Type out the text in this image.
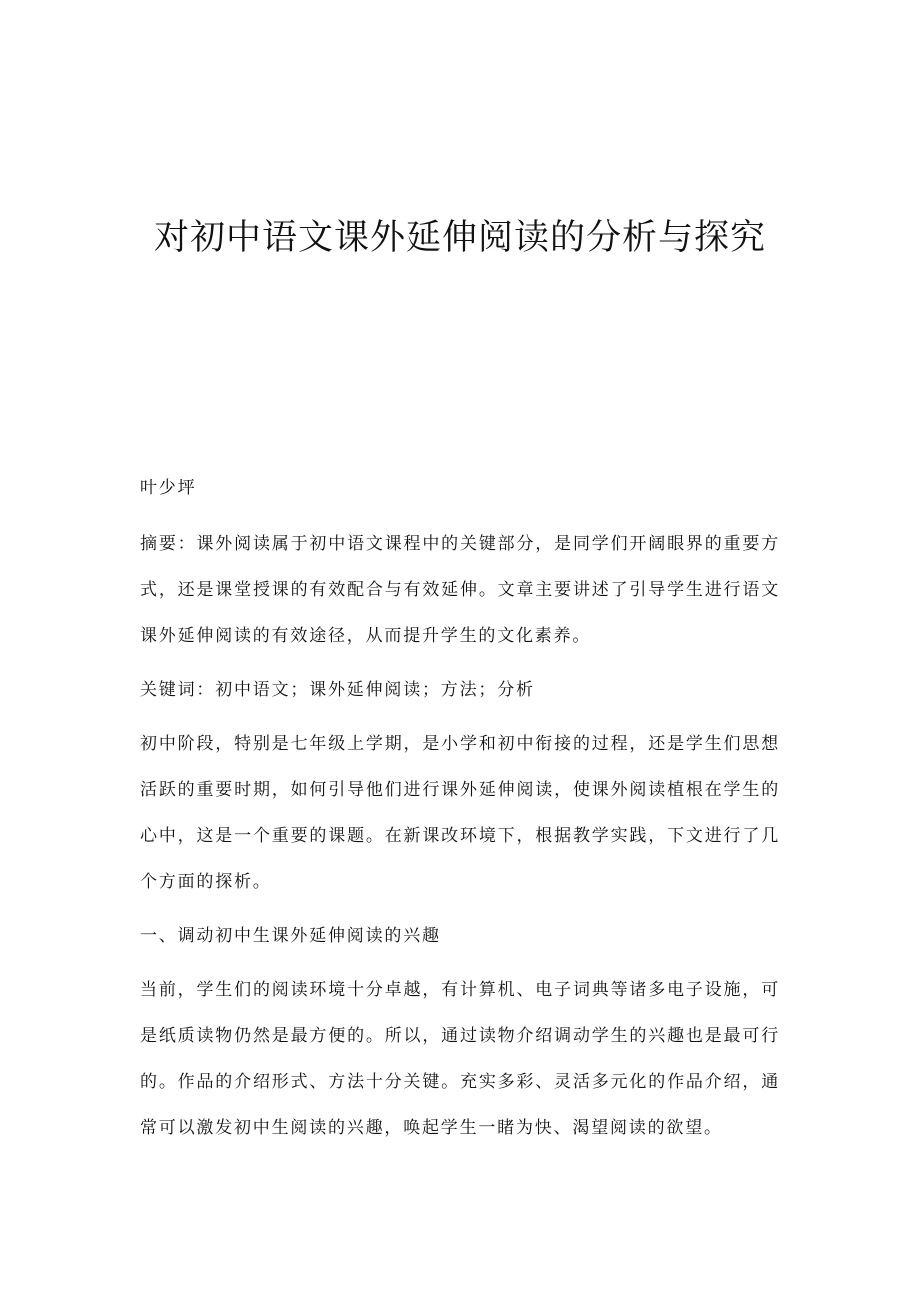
对初中语文课外延伸阅读的分析与探究

叶少坪

摘要：课外阅读属于初中语文课程中的关键部分，是同学们开阔眼界的重要方式，还是课堂授课的有效配合与有效延伸。文章主要讲述了引导学生进行语文课外延伸阅读的有效途径，从而提升学生的文化素养。

关键词：初中语文；课外延伸阅读；方法；分析

初中阶段，特别是七年级上学期，是小学和初中衔接的过程，还是学生们思想活跃的重要时期，如何引导他们进行课外延伸阅读，使课外阅读植根在学生的心中，这是一个重要的课题。在新课改环境下，根据教学实践，下文进行了几个方面的探析。

一、调动初中生课外延伸阅读的兴趣

当前，学生们的阅读环境十分卓越，有计算机、电子词典等诸多电子设施，可是纸质读物仍然是最方便的。所以，通过读物介绍调动学生的兴趣也是最可行的。作品的介绍形式、方法十分关键。充实多彩、灵活多元化的作品介绍，通常可以激发初中生阅读的兴趣，唤起学生一睹为快、渴望阅读的欲望。
